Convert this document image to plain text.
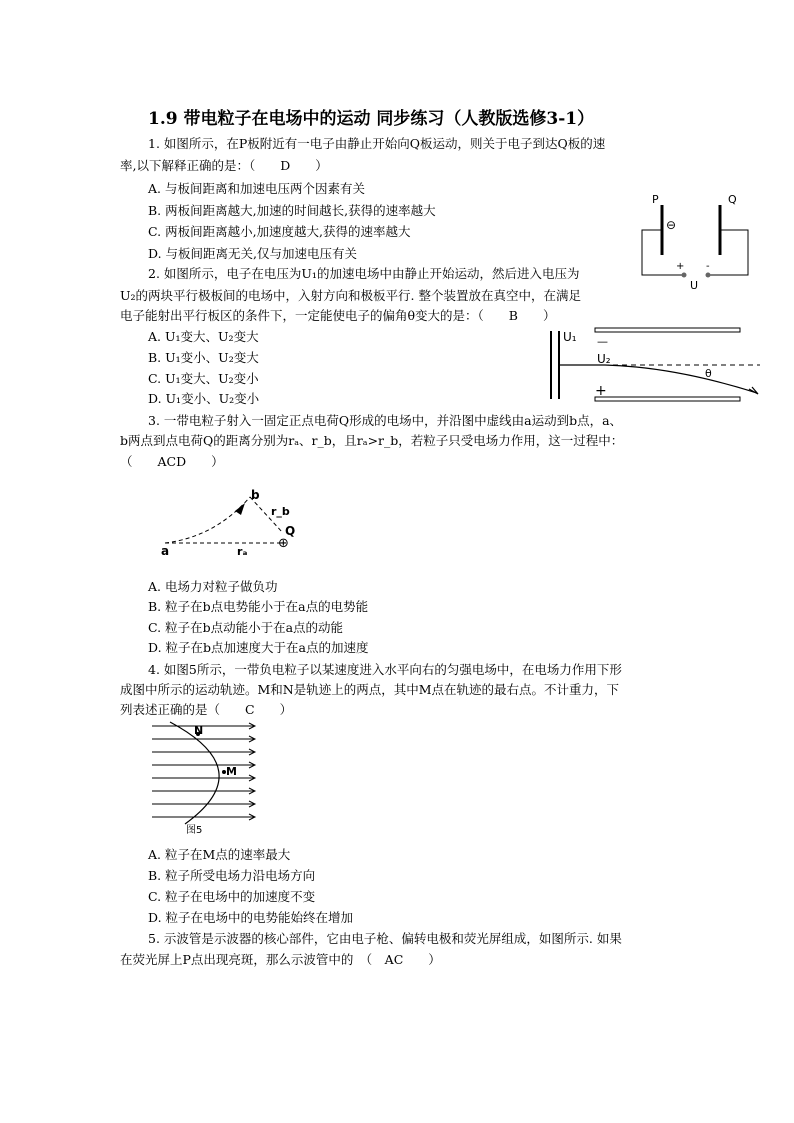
1.9 带电粒子在电场中的运动 同步练习（人教版选修3-1）
1. 如图所示，在P板附近有一电子由静止开始向Q板运动，则关于电子到达Q板的速
率,以下解释正确的是：（　　D　　）
A. 与板间距离和加速电压两个因素有关
B. 两板间距离越大,加速的时间越长,获得的速率越大
C. 两板间距离越小,加速度越大,获得的速率越大
D. 与板间距离无关,仅与加速电压有关
P	Q
⊖
+ -
U
2. 如图所示，电子在电压为U₁的加速电场中由静止开始运动，然后进入电压为
U₂的两块平行极板间的电场中，入射方向和极板平行. 整个装置放在真空中，在满足
电子能射出平行板区的条件下，一定能使电子的偏角θ变大的是：（　　B　　）
A. U₁变大、U₂变大
B. U₁变小、U₂变大
C. U₁变大、U₂变小
D. U₁变小、U₂变小
U₁ —
U₂
+
θ
3. 一带电粒子射入一固定正点电荷Q形成的电场中，并沿图中虚线由a运动到b点，a、
b两点到点电荷Q的距离分别为rₐ、r_b，且rₐ>r_b，若粒子只受电场力作用，这一过程中：
（　　ACD　　）
a
b
Q
rₐ
r_b
⊕
A. 电场力对粒子做负功
B. 粒子在b点电势能小于在a点的电势能
C. 粒子在b点动能小于在a点的动能
D. 粒子在b点加速度大于在a点的加速度
4. 如图5所示，一带负电粒子以某速度进入水平向右的匀强电场中，在电场力作用下形
成图中所示的运动轨迹。M和N是轨迹上的两点，其中M点在轨迹的最右点。不计重力，下
列表述正确的是（　　C　　）
N
M
图5
A. 粒子在M点的速率最大
B. 粒子所受电场力沿电场方向
C. 粒子在电场中的加速度不变
D. 粒子在电场中的电势能始终在增加
5. 示波管是示波器的核心部件，它由电子枪、偏转电极和荧光屏组成，如图所示. 如果
在荧光屏上P点出现亮斑，那么示波管中的　（　AC　　）
